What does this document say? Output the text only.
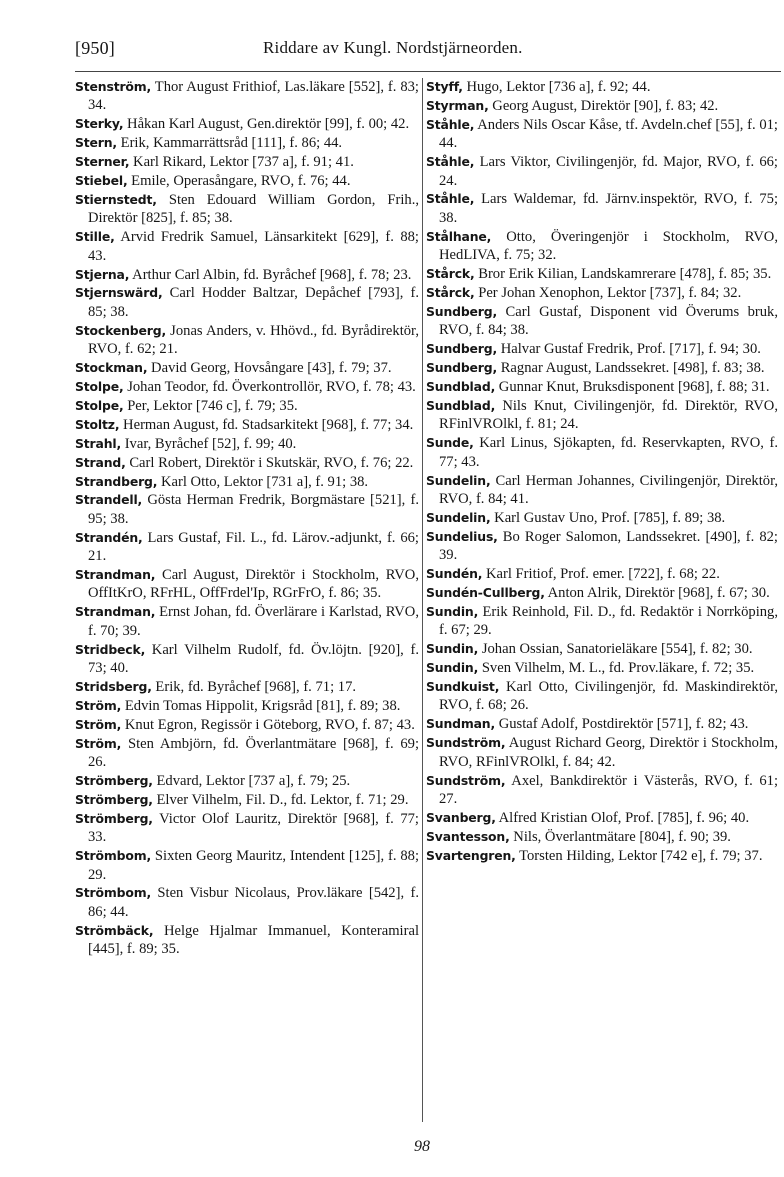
[950]	Riddare av Kungl. Nordstjärneorden.

Stenström, Thor August Frithiof, Las.läkare [552], f. 83; 34.

Sterky, Håkan Karl August, Gen.direktör [99], f. 00; 42.

Stern, Erik, Kammarrättsråd [111], f. 86; 44.

Sterner, Karl Rikard, Lektor [737 a], f. 91; 41.

Stiebel, Emile, Operasångare, RVO, f. 76; 44.

Stiernstedt, Sten Edouard William Gordon, Frih., Direktör [825], f. 85; 38.

Stille, Arvid Fredrik Samuel, Länsarkitekt [629], f. 88; 43.

Stjerna, Arthur Carl Albin, fd. Byråchef [968], f. 78; 23.

Stjernswärd, Carl Hodder Baltzar, Depåchef [793], f. 85; 38.

Stockenberg, Jonas Anders, v. Hhövd., fd. Byrådirektör, RVO, f. 62; 21.

Stockman, David Georg, Hovsångare [43], f. 79; 37.

Stolpe, Johan Teodor, fd. Överkontrollör, RVO, f. 78; 43.

Stolpe, Per, Lektor [746 c], f. 79; 35.

Stoltz, Herman August, fd. Stadsarkitekt [968], f. 77; 34.

Strahl, Ivar, Byråchef [52], f. 99; 40.

Strand, Carl Robert, Direktör i Skutskär, RVO, f. 76; 22.

Strandberg, Karl Otto, Lektor [731 a], f. 91; 38.

Strandell, Gösta Herman Fredrik, Borgmästare [521], f. 95; 38.

Strandén, Lars Gustaf, Fil. L., fd. Lärov.-adjunkt, f. 66; 21.

Strandman, Carl August, Direktör i Stockholm, RVO, OffItKrO, RFrHL, OffFrdel'Ip, RGrFrO, f. 86; 35.

Strandman, Ernst Johan, fd. Överlärare i Karlstad, RVO, f. 70; 39.

Stridbeck, Karl Vilhelm Rudolf, fd. Öv.löjtn. [920], f. 73; 40.

Stridsberg, Erik, fd. Byråchef [968], f. 71; 17.

Ström, Edvin Tomas Hippolit, Krigsråd [81], f. 89; 38.

Ström, Knut Egron, Regissör i Göteborg, RVO, f. 87; 43.

Ström, Sten Ambjörn, fd. Överlantmätare [968], f. 69; 26.

Strömberg, Edvard, Lektor [737 a], f. 79; 25.

Strömberg, Elver Vilhelm, Fil. D., fd. Lektor, f. 71; 29.

Strömberg, Victor Olof Lauritz, Direktör [968], f. 77; 33.

Strömbom, Sixten Georg Mauritz, Intendent [125], f. 88; 29.

Strömbom, Sten Visbur Nicolaus, Prov.läkare [542], f. 86; 44.

Strömbäck, Helge Hjalmar Immanuel, Konteramiral [445], f. 89; 35.

Styff, Hugo, Lektor [736 a], f. 92; 44.

Styrman, Georg August, Direktör [90], f. 83; 42.

Ståhle, Anders Nils Oscar Kåse, tf. Avdeln.chef [55], f. 01; 44.

Ståhle, Lars Viktor, Civilingenjör, fd. Major, RVO, f. 66; 24.

Ståhle, Lars Waldemar, fd. Järnv.inspektör, RVO, f. 75; 38.

Stålhane, Otto, Överingenjör i Stockholm, RVO, HedLIVA, f. 75; 32.

Stårck, Bror Erik Kilian, Landskamrerare [478], f. 85; 35.

Stårck, Per Johan Xenophon, Lektor [737], f. 84; 32.

Sundberg, Carl Gustaf, Disponent vid Överums bruk, RVO, f. 84; 38.

Sundberg, Halvar Gustaf Fredrik, Prof. [717], f. 94; 30.

Sundberg, Ragnar August, Landssekret. [498], f. 83; 38.

Sundblad, Gunnar Knut, Bruksdisponent [968], f. 88; 31.

Sundblad, Nils Knut, Civilingenjör, fd. Direktör, RVO, RFinlVROlkl, f. 81; 24.

Sunde, Karl Linus, Sjökapten, fd. Reservkapten, RVO, f. 77; 43.

Sundelin, Carl Herman Johannes, Civilingenjör, Direktör, RVO, f. 84; 41.

Sundelin, Karl Gustav Uno, Prof. [785], f. 89; 38.

Sundelius, Bo Roger Salomon, Landssekret. [490], f. 82; 39.

Sundén, Karl Fritiof, Prof. emer. [722], f. 68; 22.

Sundén-Cullberg, Anton Alrik, Direktör [968], f. 67; 30.

Sundin, Erik Reinhold, Fil. D., fd. Redaktör i Norrköping, f. 67; 29.

Sundin, Johan Ossian, Sanatorieläkare [554], f. 82; 30.

Sundin, Sven Vilhelm, M. L., fd. Prov.läkare, f. 72; 35.

Sundkuist, Karl Otto, Civilingenjör, fd. Maskindirektör, RVO, f. 68; 26.

Sundman, Gustaf Adolf, Postdirektör [571], f. 82; 43.

Sundström, August Richard Georg, Direktör i Stockholm, RVO, RFinlVROlkl, f. 84; 42.

Sundström, Axel, Bankdirektör i Västerås, RVO, f. 61; 27.

Svanberg, Alfred Kristian Olof, Prof. [785], f. 96; 40.

Svantesson, Nils, Överlantmätare [804], f. 90; 39.

Svartengren, Torsten Hilding, Lektor [742 e], f. 79; 37.

98
